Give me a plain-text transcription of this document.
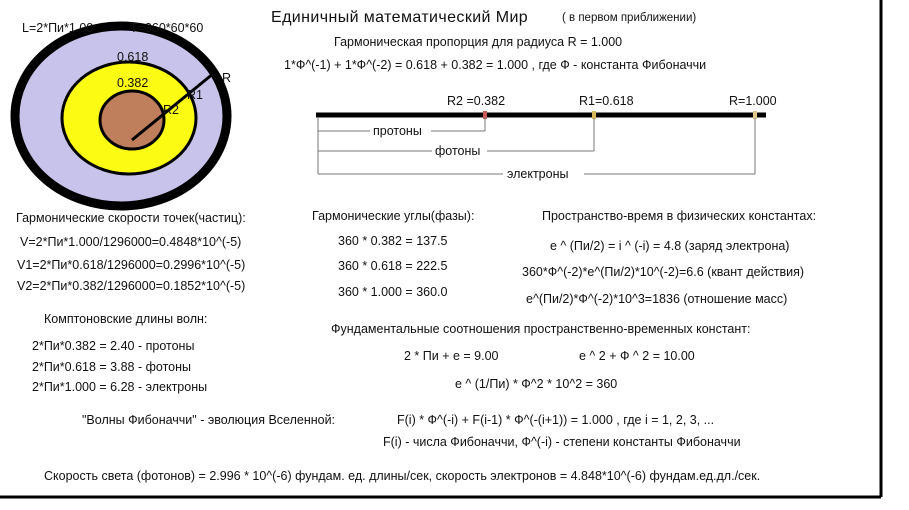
L=2*Пи*1.00	T=360*60*60
0.618
0.382	R
R1
R2
Единичный математический Мир	( в первом приближении)
Гармоническая пропорция для радиуса R = 1.000
1*Ф^(-1) + 1*Ф^(-2) = 0.618 + 0.382 = 1.000 , где Ф - константа Фибоначчи
R2 =0.382	R1=0.618	R=1.000
протоны
фотоны
электроны
Гармонические скорости точек(частиц):
V=2*Пи*1.000/1296000=0.4848*10^(-5)
V1=2*Пи*0.618/1296000=0.2996*10^(-5)
V2=2*Пи*0.382/1296000=0.1852*10^(-5)
Гармонические углы(фазы):
360 * 0.382 = 137.5
360 * 0.618 = 222.5
360 * 1.000 = 360.0
Пространство-время в физических константах:
e ^ (Пи/2) = i ^ (-i) = 4.8 (заряд электрона)
360*Ф^(-2)*e^(Пи/2)*10^(-2)=6.6 (квант действия)
e^(Пи/2)*Ф^(-2)*10^3=1836 (отношение масс)
Комптоновские длины волн:
2*Пи*0.382 = 2.40 - протоны
2*Пи*0.618 = 3.88 - фотоны
2*Пи*1.000 = 6.28 - электроны
Фундаментальные соотношения пространственно-временных констант:
2 * Пи + e = 9.00	e ^ 2 + Ф ^ 2 = 10.00
e ^ (1/Пи) * Ф^2 * 10^2 = 360
"Волны Фибоначчи" - эволюция Вселенной:	F(i) * Ф^(-i) + F(i-1) * Ф^(-(i+1)) = 1.000 , где i = 1, 2, 3, ...
F(i) - числа Фибоначчи, Ф^(-i) - степени константы Фибоначчи
Скорость света (фотонов) = 2.996 * 10^(-6) фундам. ед. длины/сек, скорость электронов = 4.848*10^(-6) фундам.ед.дл./сек.
